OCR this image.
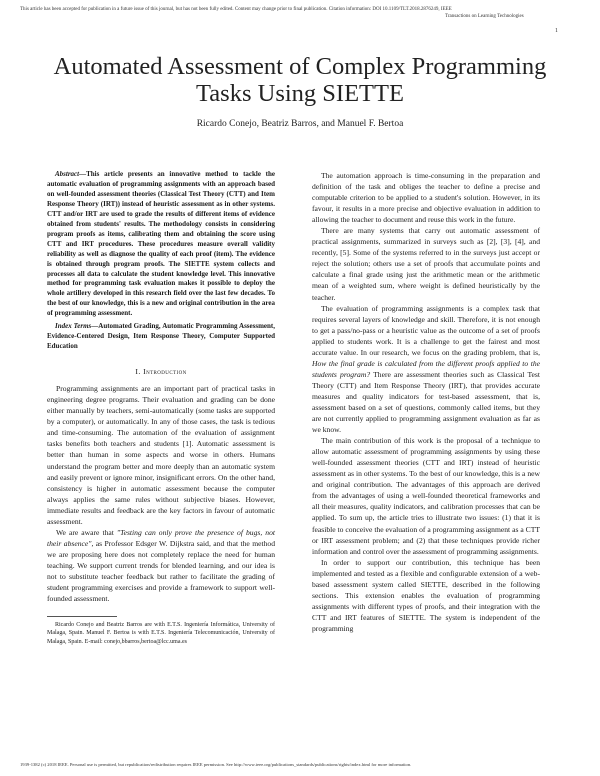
This article has been accepted for publication in a future issue of this journal, but has not been fully edited. Content may change prior to final publication. Citation information: DOI 10.1109/TLT.2018.2876249, IEEE
Transactions on Learning Technologies
1
Automated Assessment of Complex Programming Tasks Using SIETTE
Ricardo Conejo, Beatriz Barros, and Manuel F. Bertoa
Abstract—This article presents an innovative method to tackle the automatic evaluation of programming assignments with an approach based on well-founded assessment theories (Classical Test Theory (CTT) and Item Response Theory (IRT)) instead of heuristic assessment as in other systems. CTT and/or IRT are used to grade the results of different items of evidence obtained from students' results. The methodology consists in considering program proofs as items, calibrating them and obtaining the score using CTT and IRT procedures. These procedures measure overall validity reliability as well as diagnose the quality of each proof (item). The evidence is obtained through program proofs. The SIETTE system collects and processes all data to calculate the student knowledge level. This innovative method for programming task evaluation makes it possible to deploy the whole artillery developed in this research field over the last few decades. To the best of our knowledge, this is a new and original contribution in the area of programming assessment.
Index Terms—Automated Grading, Automatic Programming Assessment, Evidence-Centered Design, Item Response Theory, Computer Supported Education
I. Introduction

Programming assignments are an important part of practical tasks in engineering degree programs. Their evaluation and grading can be done either manually by teachers, semi-automatically (some tasks are supported by a computer), or automatically. In any of those cases, the task is tedious and time-consuming. The automation of the evaluation of assignment tasks benefits both teachers and students [1]. Automatic assessment is better than human in some aspects and worse in others. Humans understand the program better and more deeply than an automatic system and easily prevent or ignore minor, insignificant errors. On the other hand, consistency is higher in automatic assessment because the computer always applies the same rules without subjective biases. However, immediate results and feedback are the key factors in favour of automatic assessment.

We are aware that "Testing can only prove the presence of bugs, not their absence", as Professor Edsger W. Dijkstra said, and that the method we are proposing here does not completely replace the need for human teaching. We support current trends for blended learning, and our idea is not to substitute teacher feedback but rather to facilitate the grading of student programming exercises and provide a framework to support well-founded assessment.

Ricardo Conejo and Beatriz Barros are with E.T.S. Ingeniería Informática, University of Malaga, Spain. Manuel F. Bertoa is with E.T.S. Ingeniería Telecomunicación, University of Malaga, Spain. E-mail: conejo,bbarros,bertoa@lcc.uma.es

The automation approach is time-consuming in the preparation and definition of the task and obliges the teacher to define a precise and computable criterion to be applied to a student's solution. However, in its favour, it results in a more precise and objective evaluation in addition to allowing the teacher to document and reuse this work in the future.

There are many systems that carry out automatic assessment of practical assignments, summarized in surveys such as [2], [3], [4], and recently, [5]. Some of the systems referred to in the surveys just accept or reject the solution; others use a set of proofs that accumulate points and calculate a final grade using just the arithmetic mean or the arithmetic mean of a weighted sum, where weight is defined heuristically by the teacher.

The evaluation of programming assignments is a complex task that requires several layers of knowledge and skill. Therefore, it is not enough to get a pass/no-pass or a heuristic value as the outcome of a set of proofs applied to students work. It is a challenge to get the fairest and most accurate value. In our research, we focus on the grading problem, that is, How the final grade is calculated from the different proofs applied to the students program? There are assessment theories such as Classical Test Theory (CTT) and Item Response Theory (IRT), that provides accurate measures and quality indicators for test-based assessment, that is, assessment based on a set of questions, commonly called items, but they are not currently applied to programming assignment evaluation as far as we know.

The main contribution of this work is the proposal of a technique to allow automatic assessment of programming assignments by using these well-founded assessment theories (CTT and IRT) instead of heuristic assessment as in other systems. To the best of our knowledge, this is a new and original contribution. The advantages of this approach are derived from the advantages of using a well-founded theoretical frameworks and all their measures, quality indicators, and calibration processes that can be applied. To sum up, the article tries to illustrate two issues: (1) that it is feasible to conceive the evaluation of a programming assignment as a CTT or IRT assessment problem; and (2) that these techniques provide richer information and control over the assessment of programming assignments.

In order to support our contribution, this technique has been implemented and tested as a flexible and configurable extension of a web-based assessment system called SIETTE, described in the following sections. This extension enables the evaluation of programming assignments with different types of proofs, and their integration with the CTT and IRT features of SIETTE. The system is independent of the programming

1939-1382 (c) 2018 IEEE. Personal use is permitted, but republication/redistribution requires IEEE permission. See http://www.ieee.org/publications_standards/publications/rights/index.html for more information.
